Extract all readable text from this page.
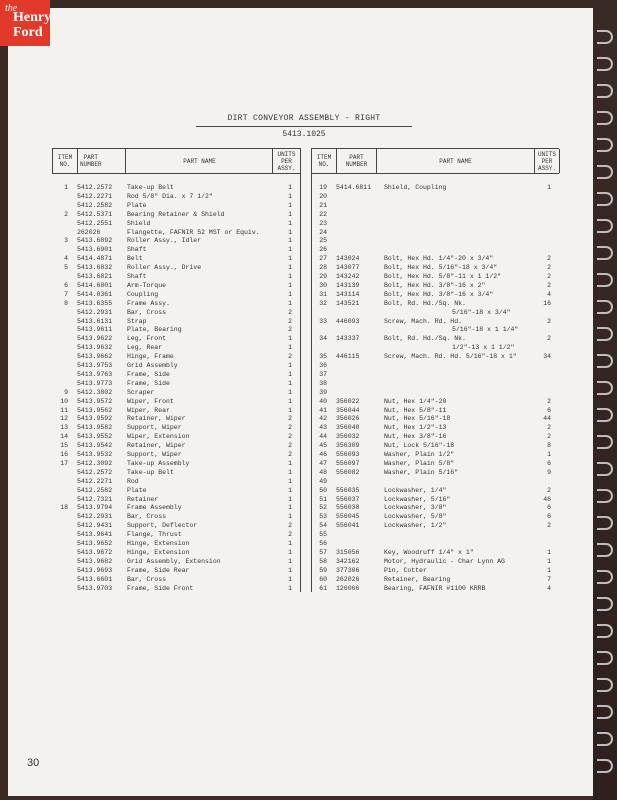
the
Henry
Ford
DIRT CONVEYOR ASSEMBLY - RIGHT
5413.1025
ITEM
NO.
PART
NUMBER	PART NAME
UNITS
PER
ASSY.
ITEM
NO.
PART
NUMBER	PART NAME
UNITS
PER
ASSY.
1 5412.2572 Take-up Belt	1
5412.2271 Rod 5/8" Dia. x 7 1/2"	1
5412.2582 Plate	1
2 5412.5371 Bearing Retainer & Shield	1
5412.2551 Shield	1
262026	Flangette, FAFNIR 52 MST or Equiv.	1
3 5413.6892 Roller Assy., Idler	1
5413.6901 Shaft	1
4 5414.4871 Belt	1
5 5413.6832 Roller Assy., Drive	1
5413.6821 Shaft	1
6 5414.6801 Arm-Torque	1
7 5414.0361 Coupling	1
8 5413.6355 Frame Assy.	1
5412.2931 Bar, Cross	2
5413.6131 Strap	2
5413.9611 Plate, Bearing	2
5413.9622 Leg, Front	1
5413.9632 Leg, Rear	1
5413.9662 Hinge, Frame	2
5413.9753 Grid Assembly	1
5413.9763 Frame, Side	1
5413.9773 Frame, Side	1
9 5412.3802 Scraper	1
10 5413.9572 Wiper, Front	1
11 5413.9562 Wiper, Rear	1
12 5413.9592 Retainer, Wiper	2
13 5413.9582 Support, Wiper	2
14 5413.9552 Wiper, Extension	2
15 5413.9542 Retainer, Wiper	2
16 5413.9532 Support, Wiper	2
17 5412.3092 Take-up Assembly	1
5412.2572 Take-up Belt	1
5412.2271 Rod	1
5412.2582 Plate	1
5412.7321 Retainer	1
18 5413.9794 Frame Assembly	1
5412.2931 Bar, Cross	1
5412.9431 Support, Deflector	2
5413.9641 Flange, Thrust	2
5413.9652 Hinge, Extension	1
5413.9672 Hinge, Extension	1
5413.9682 Grid Assembly, Extension	1
5413.9693 Frame, Side Rear	1
5413.6601 Bar, Cross	1
5413.9703 Frame, Side Front	1
19 5414.6811 Shield, Coupling	1
20
21
22
23
24
25
26
27 143024	Bolt, Hex Hd. 1/4"-20 x 3/4"	2
28 143077	Bolt, Hex Hd. 5/16"-18 x 3/4"	2
29 143242	Bolt, Hex Hd. 5/8"-11 x 1 1/2"	2
30 143139	Bolt, Hex Hd. 3/8"-16 x 2"	2
31 143114	Bolt, Hex Hd. 3/8"-16 x 3/4"	4
32 143521	Bolt, Rd. Hd./Sq. Nk.	16
5/16"-18 x 3/4"
33 446093	Screw, Mach. Rd. Hd.	2
5/16"-18 x 1 1/4"
34 143337	Bolt, Rd. Hd./Sq. Nk.	2
1/2"-13 x 1 1/2"
35 446115	Screw, Mach. Rd. Hd. 5/16"-18 x 1"	34
36
37
38
39
40 356022	Nut, Hex 1/4"-20	2
41 356044	Nut, Hex 5/8"-11	6
42 356026	Nut, Hex 5/16"-18	44
43 356040	Nut, Hex 1/2"-13	2
44 356032	Nut, Hex 3/8"-16	2
45 356309	Nut, Lock 5/16"-18	8
46 556093	Washer, Plain 1/2"	1
47 556097	Washer, Plain 5/8"	6
48 556082	Washer, Plain 5/16"	9
49
50 556035	Lockwasher, 1/4"	2
51 556037	Lockwasher, 5/16"	46
52 556038	Lockwasher, 3/8"	6
53 556045	Lockwasher, 5/8"	6
54 556041	Lockwasher, 1/2"	2
55
56
57 315056	Key, Woodruff 1/4" x 1"	1
58 342162	Motor, Hydraulic - Char Lynn AG	1
59 377306	Pin, Cotter	1
60 262026	Retainer, Bearing	7
61 126066	Bearing, FAFNIR #1100 KRRB	4
30
